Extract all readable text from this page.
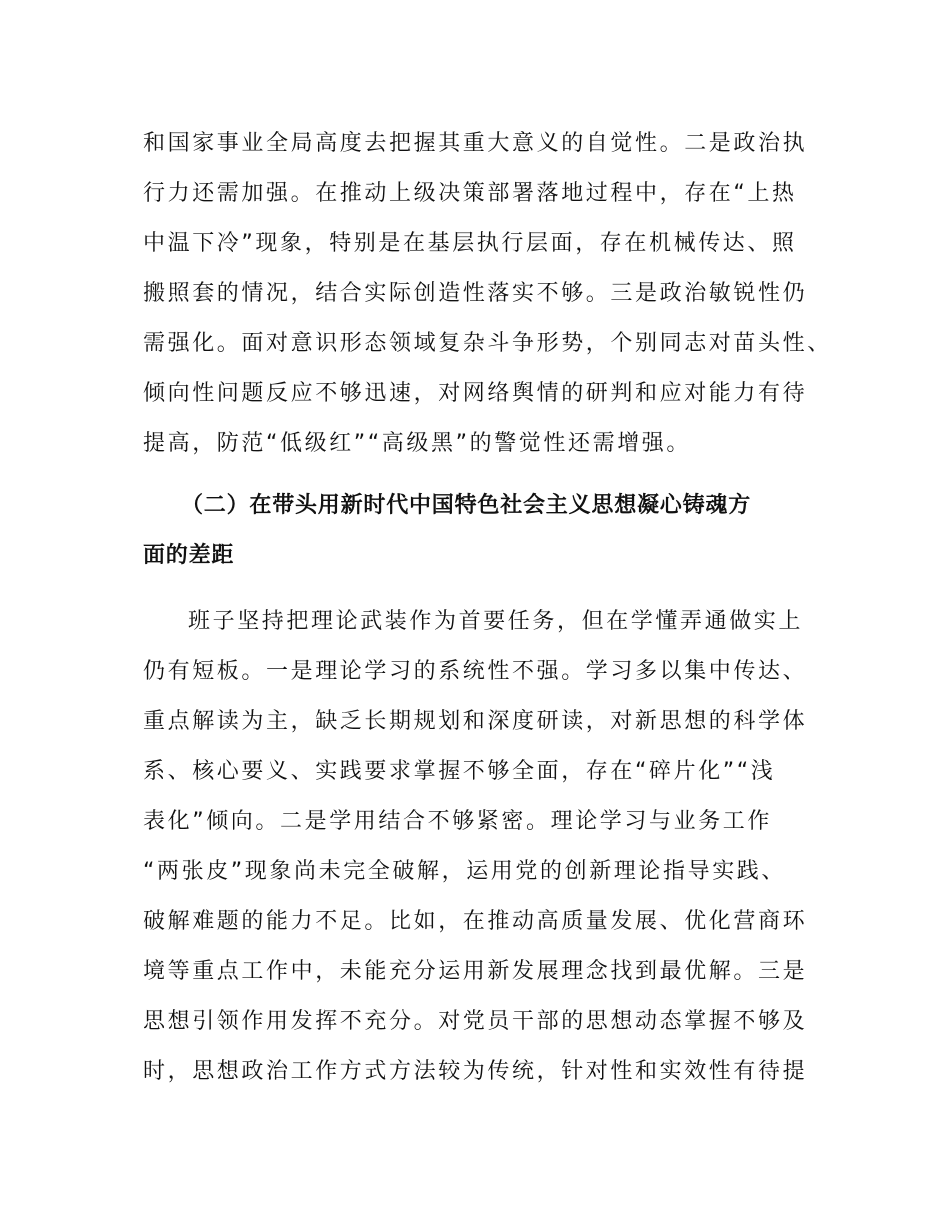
和国家事业全局高度去把握其重大意义的自觉性。二是政治执
行力还需加强。在推动上级决策部署落地过程中，存在“上热
中温下冷”现象，特别是在基层执行层面，存在机械传达、照
搬照套的情况，结合实际创造性落实不够。三是政治敏锐性仍
需强化。面对意识形态领域复杂斗争形势，个别同志对苗头性、
倾向性问题反应不够迅速，对网络舆情的研判和应对能力有待
提高，防范“低级红”“高级黑”的警觉性还需增强。
（二）在带头用新时代中国特色社会主义思想凝心铸魂方
面的差距
班子坚持把理论武装作为首要任务，但在学懂弄通做实上
仍有短板。一是理论学习的系统性不强。学习多以集中传达、
重点解读为主，缺乏长期规划和深度研读，对新思想的科学体
系、核心要义、实践要求掌握不够全面，存在“碎片化”“浅
表化”倾向。二是学用结合不够紧密。理论学习与业务工作
“两张皮”现象尚未完全破解，运用党的创新理论指导实践、
破解难题的能力不足。比如，在推动高质量发展、优化营商环
境等重点工作中，未能充分运用新发展理念找到最优解。三是
思想引领作用发挥不充分。对党员干部的思想动态掌握不够及
时，思想政治工作方式方法较为传统，针对性和实效性有待提
